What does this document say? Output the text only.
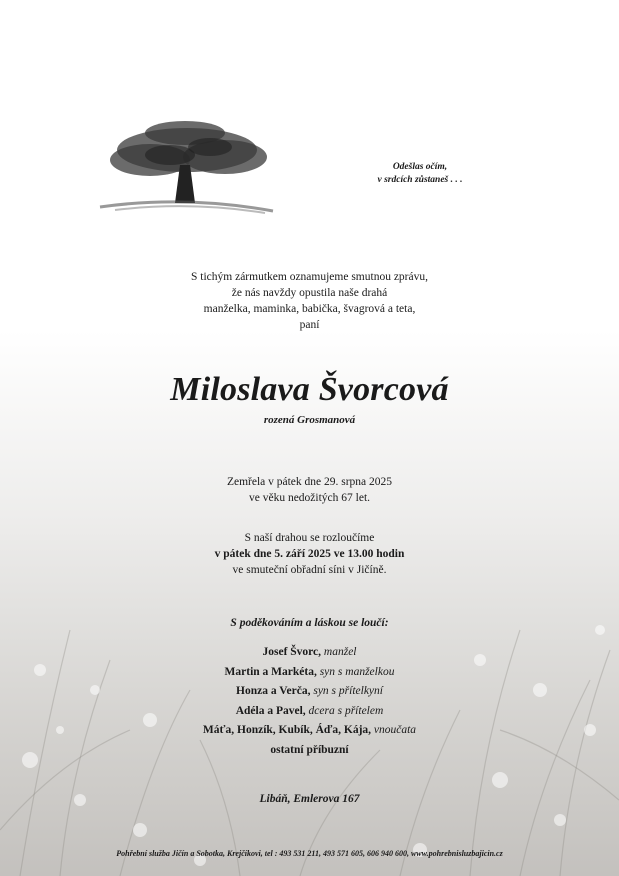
Odešlas očím,
v srdcích zůstaneš . . .
S tichým zármutkem oznamujeme smutnou zprávu,
že nás navždy opustila naše drahá
manželka, maminka, babička, švagrová a teta,
paní
Miloslava Švorcová
rozená Grosmanová
Zemřela v pátek dne 29. srpna 2025
ve věku nedožitých 67 let.
S naší drahou se rozloučíme
v pátek dne 5. září 2025 ve 13.00 hodin
ve smuteční obřadní síni v Jičíně.
S poděkováním a láskou se loučí:
Josef Švorc, manžel
Martin a Markéta, syn s manželkou
Honza a Verča, syn s přítelkyní
Adéla a Pavel, dcera s přítelem
Máťa, Honzík, Kubík, Áďa, Kája, vnoučata
ostatní příbuzní
Libáň, Emlerova 167
Pohřební služba Jičín a Sobotka, Krejčíkovi, tel : 493 531 211, 493 571 605, 606 940 600, www.pohrebnisluzbajicin.cz
